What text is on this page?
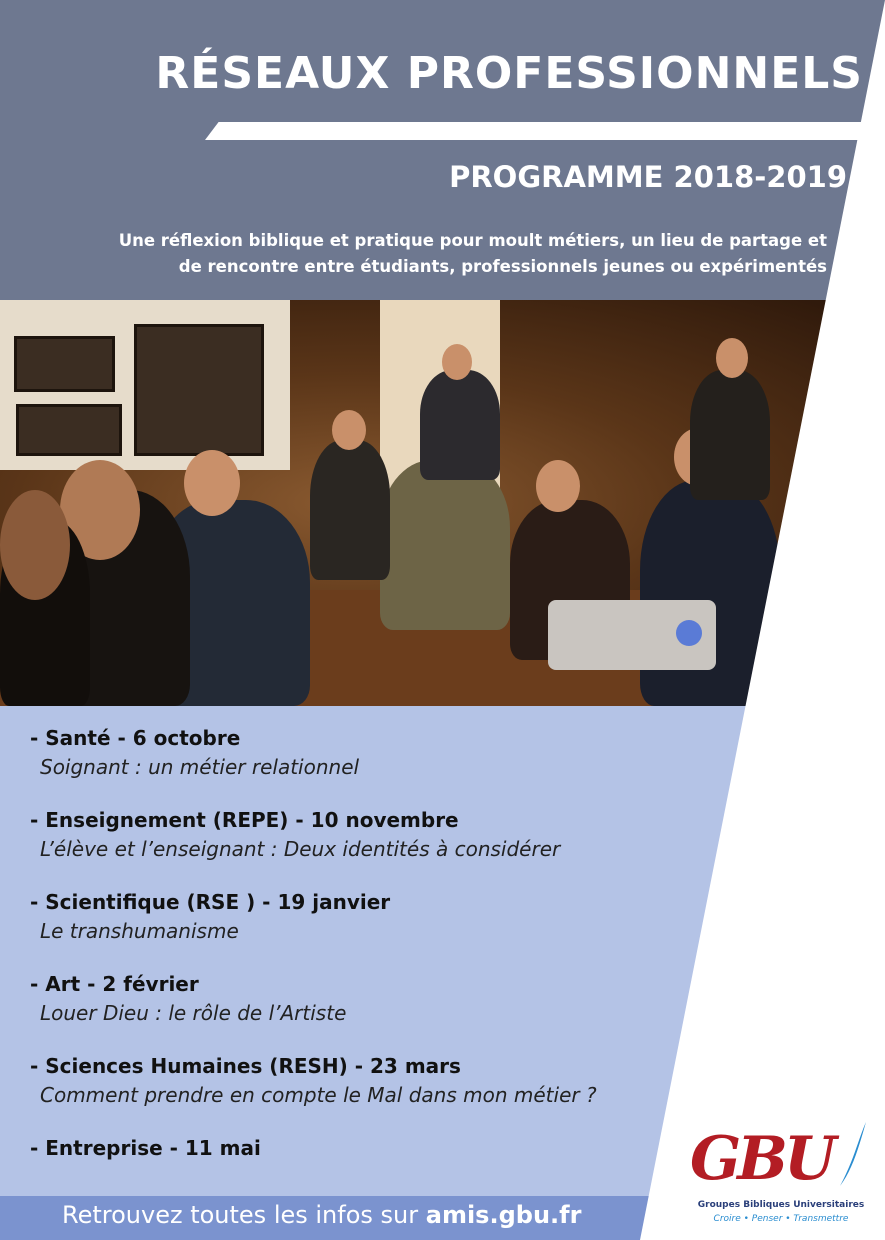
RÉSEAUX PROFESSIONNELS
PROGRAMME 2018-2019
Une réflexion biblique et pratique pour moult métiers, un lieu de partage et
de rencontre entre étudiants, professionnels jeunes ou expérimentés
- Santé - 6 octobre
Soignant : un métier relationnel
- Enseignement (REPE) - 10 novembre
L’élève et l’enseignant : Deux identités à considérer
- Scientifique (RSE ) - 19 janvier
Le transhumanisme
- Art - 2 février
Louer Dieu : le rôle de l’Artiste
- Sciences Humaines (RESH) - 23 mars
Comment prendre en compte le Mal dans mon métier ?
- Entreprise - 11 mai
Retrouvez toutes les infos sur amis.gbu.fr
GBU
Groupes Bibliques Universitaires
Croire • Penser • Transmettre
